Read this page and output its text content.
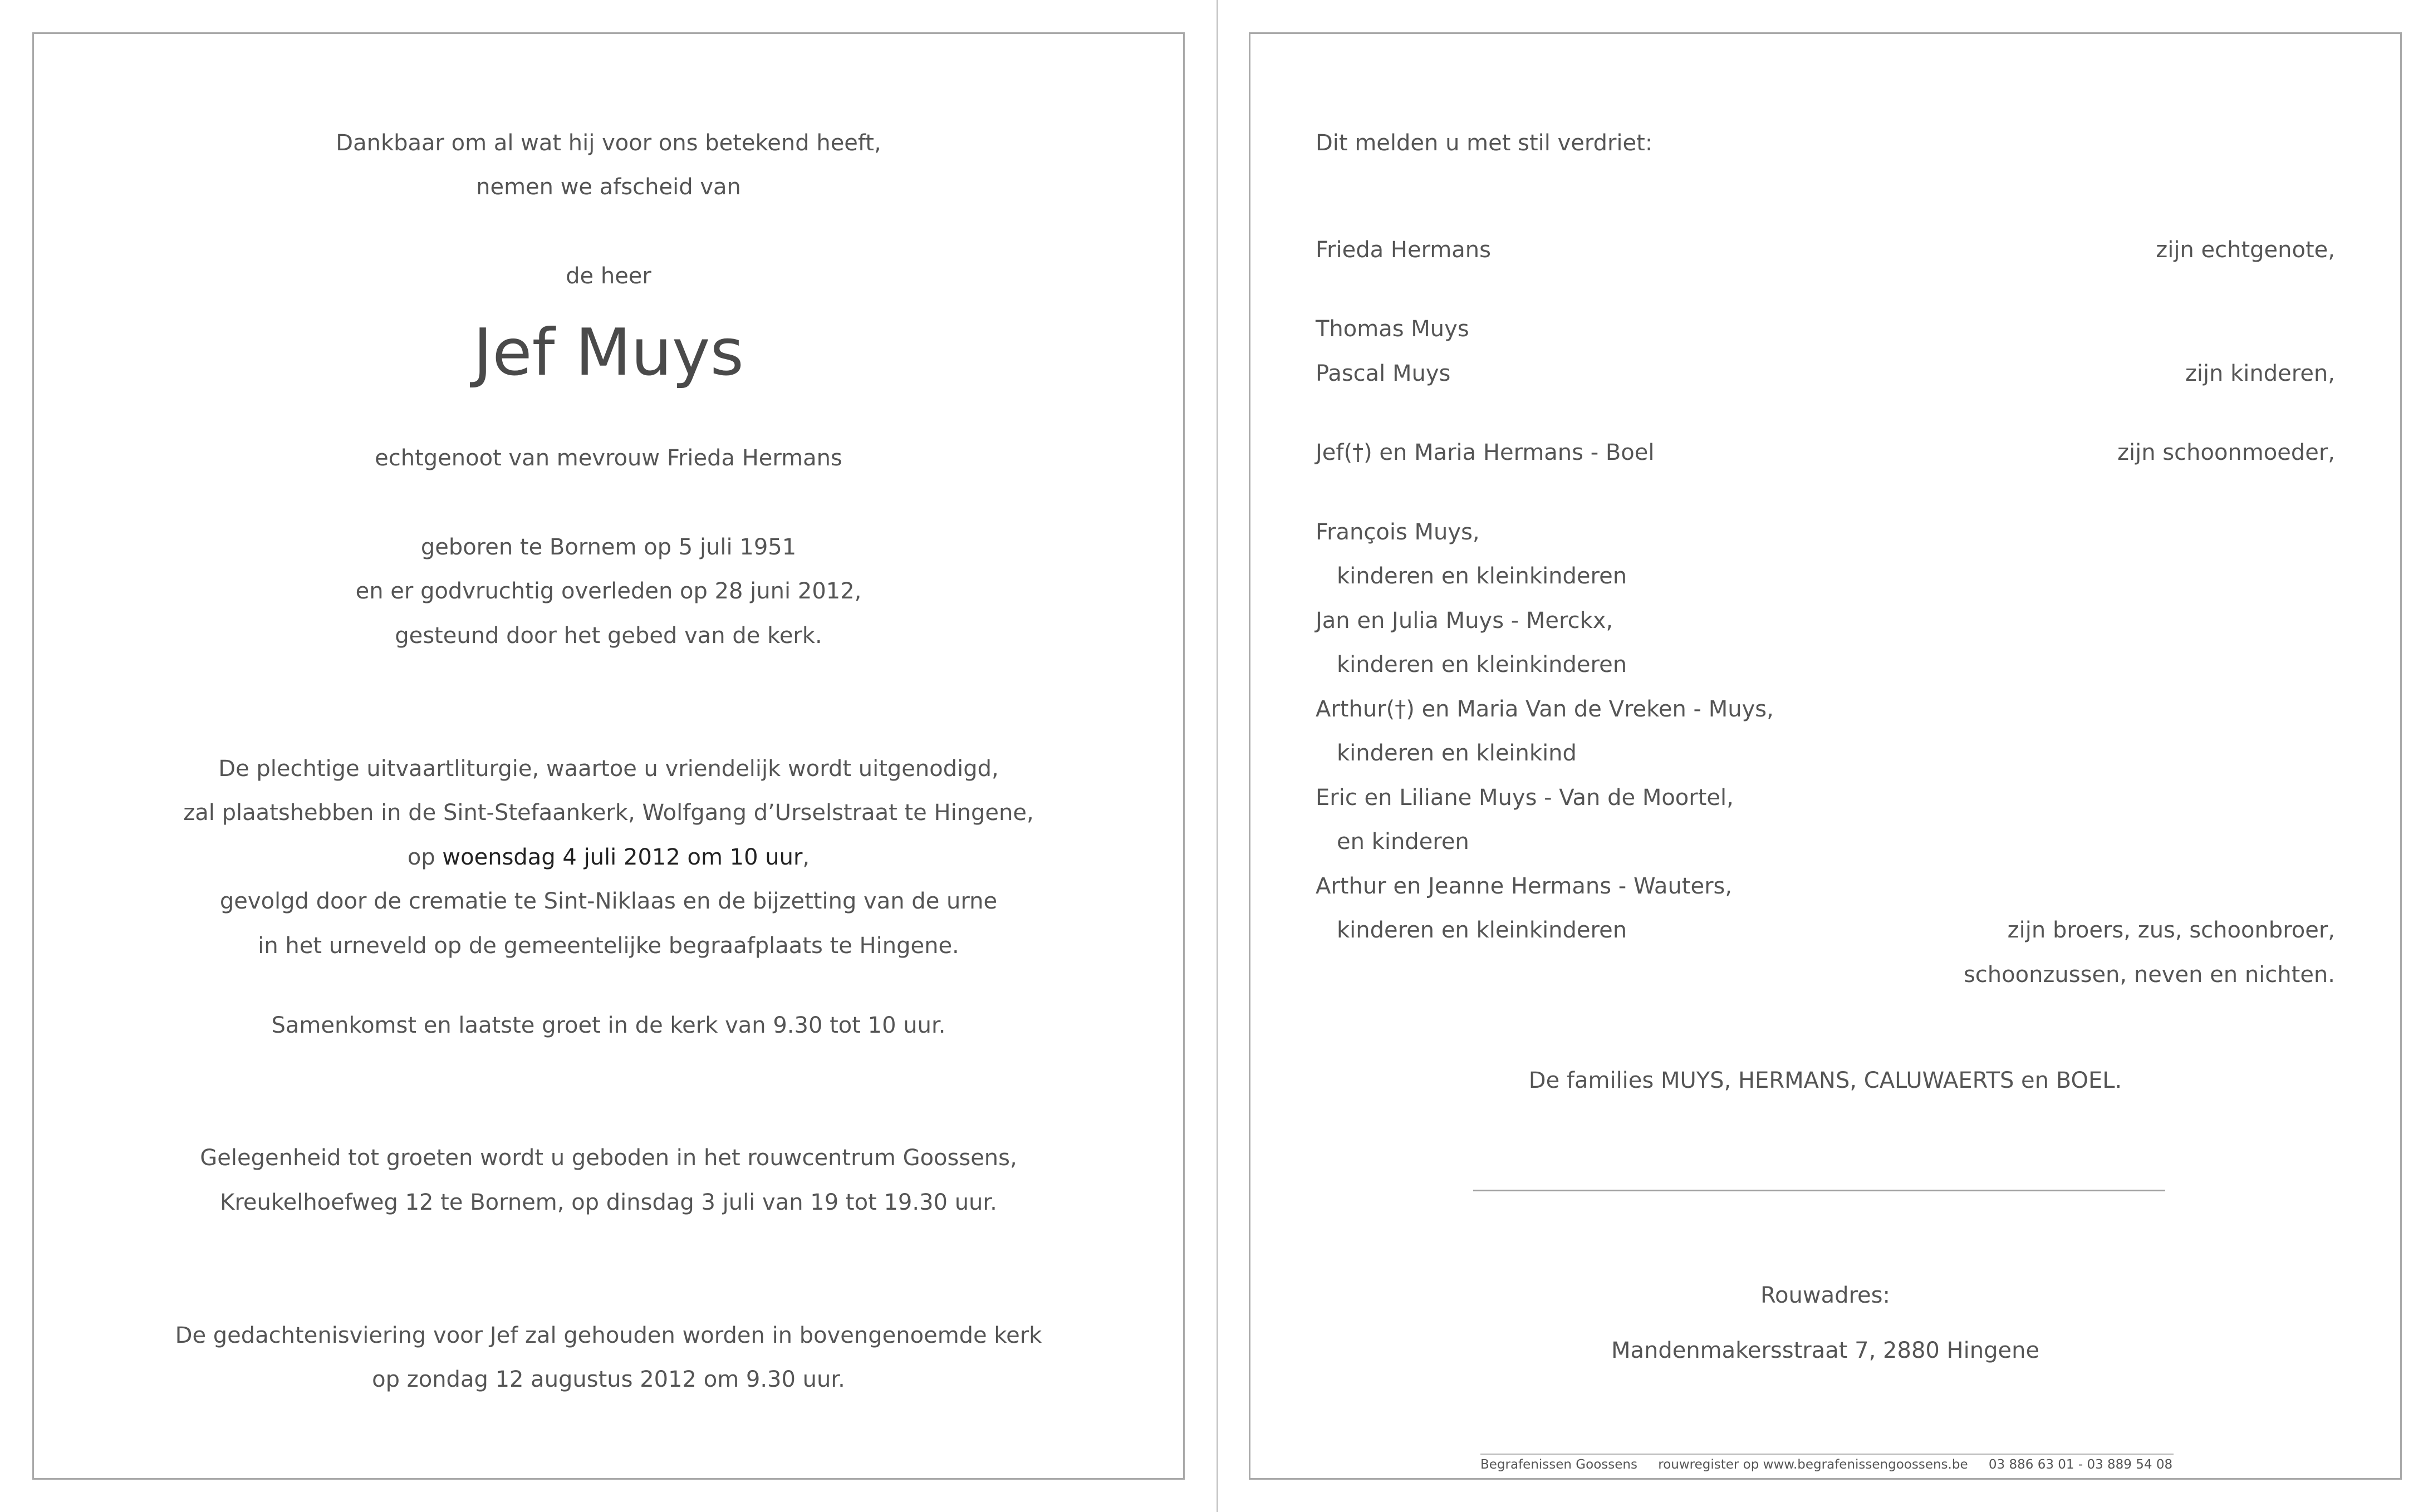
Dankbaar om al wat hij voor ons betekend heeft,
nemen we afscheid van
de heer
Jef Muys
echtgenoot van mevrouw Frieda Hermans
geboren te Bornem op 5 juli 1951
en er godvruchtig overleden op 28 juni 2012,
gesteund door het gebed van de kerk.
De plechtige uitvaartliturgie, waartoe u vriendelijk wordt uitgenodigd,
zal plaatshebben in de Sint-Stefaankerk, Wolfgang d’Urselstraat te Hingene,
op woensdag 4 juli 2012 om 10 uur,
gevolgd door de crematie te Sint-Niklaas en de bijzetting van de urne
in het urneveld op de gemeentelijke begraafplaats te Hingene.
Samenkomst en laatste groet in de kerk van 9.30 tot 10 uur.
Gelegenheid tot groeten wordt u geboden in het rouwcentrum Goossens,
Kreukelhoefweg 12 te Bornem, op dinsdag 3 juli van 19 tot 19.30 uur.
De gedachtenisviering voor Jef zal gehouden worden in bovengenoemde kerk
op zondag 12 augustus 2012 om 9.30 uur.
Dit melden u met stil verdriet:
Frieda Hermans	zijn echtgenote,
Thomas Muys
Pascal Muys	zijn kinderen,
Jef(†) en Maria Hermans - Boel	zijn schoonmoeder,
François Muys,
kinderen en kleinkinderen
Jan en Julia Muys - Merckx,
kinderen en kleinkinderen
Arthur(†) en Maria Van de Vreken - Muys,
kinderen en kleinkind
Eric en Liliane Muys - Van de Moortel,
en kinderen
Arthur en Jeanne Hermans - Wauters,
kinderen en kleinkinderen	zijn broers, zus, schoonbroer,
schoonzussen, neven en nichten.
De families MUYS, HERMANS, CALUWAERTS en BOEL.
Rouwadres:
Mandenmakersstraat 7, 2880 Hingene
Begrafenissen Goossens rouwregister op www.begrafenissengoossens.be 03 886 63 01 - 03 889 54 08
